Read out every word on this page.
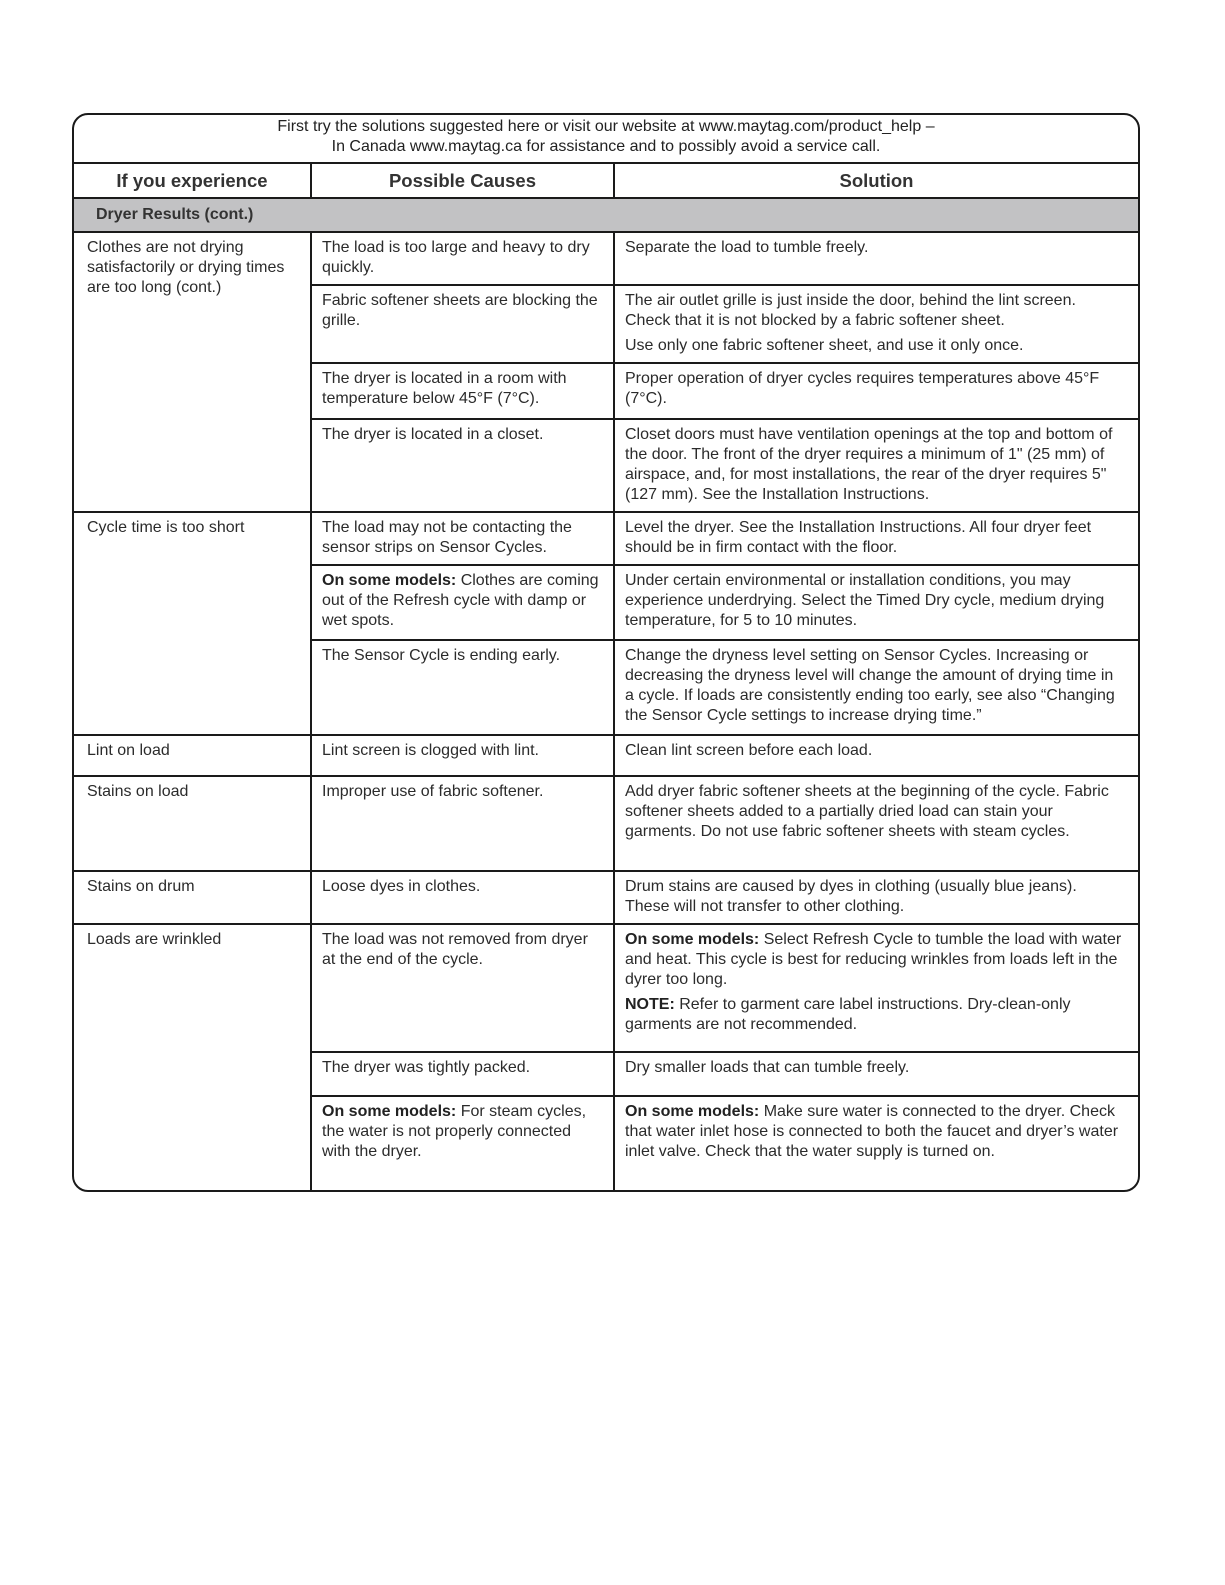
First try the solutions suggested here or visit our website at www.maytag.com/product_help –
In Canada www.maytag.ca for assistance and to possibly avoid a service call.
If you experience	Possible Causes	Solution
Dryer Results (cont.)		
Clothes are not drying satisfactorily or drying times are too long (cont.)	The load is too large and heavy to dry quickly.	Separate the load to tumble freely.

	Fabric softener sheets are blocking the grille.	The air outlet grille is just inside the door, behind the lint screen. Check that it is not blocked by a fabric softener sheet.

Use only one fabric softener sheet, and use it only once.

	The dryer is located in a room with temperature below 45°F (7°C).	Proper operation of dryer cycles requires temperatures above 45°F (7°C).

	The dryer is located in a closet.	Closet doors must have ventilation openings at the top and bottom of the door. The front of the dryer requires a minimum of 1" (25 mm) of airspace, and, for most installations, the rear of the dryer requires 5" (127 mm). See the Installation Instructions.

Cycle time is too short	The load may not be contacting the sensor strips on Sensor Cycles.	Level the dryer. See the Installation Instructions. All four dryer feet should be in firm contact with the floor.

	On some models: Clothes are coming out of the Refresh cycle with damp or wet spots.	Under certain environmental or installation conditions, you may experience underdrying. Select the Timed Dry cycle, medium drying temperature, for 5 to 10 minutes.

	The Sensor Cycle is ending early.	Change the dryness level setting on Sensor Cycles. Increasing or decreasing the dryness level will change the amount of drying time in a cycle. If loads are consistently ending too early, see also “Changing the Sensor Cycle settings to increase drying time.”

Lint on load	Lint screen is clogged with lint.	Clean lint screen before each load.

Stains on load	Improper use of fabric softener.	Add dryer fabric softener sheets at the beginning of the cycle. Fabric softener sheets added to a partially dried load can stain your garments. Do not use fabric softener sheets with steam cycles.

Stains on drum	Loose dyes in clothes.	Drum stains are caused by dyes in clothing (usually blue jeans). These will not transfer to other clothing.

Loads are wrinkled	The load was not removed from dryer at the end of the cycle.	On some models: Select Refresh Cycle to tumble the load with water and heat. This cycle is best for reducing wrinkles from loads left in the dyrer too long.

NOTE: Refer to garment care label instructions. Dry-clean-only garments are not recommended.

	The dryer was tightly packed.	Dry smaller loads that can tumble freely.

	On some models: For steam cycles, the water is not properly connected with the dryer.	On some models: Make sure water is connected to the dryer. Check that water inlet hose is connected to both the faucet and dryer’s water inlet valve. Check that the water supply is turned on.
